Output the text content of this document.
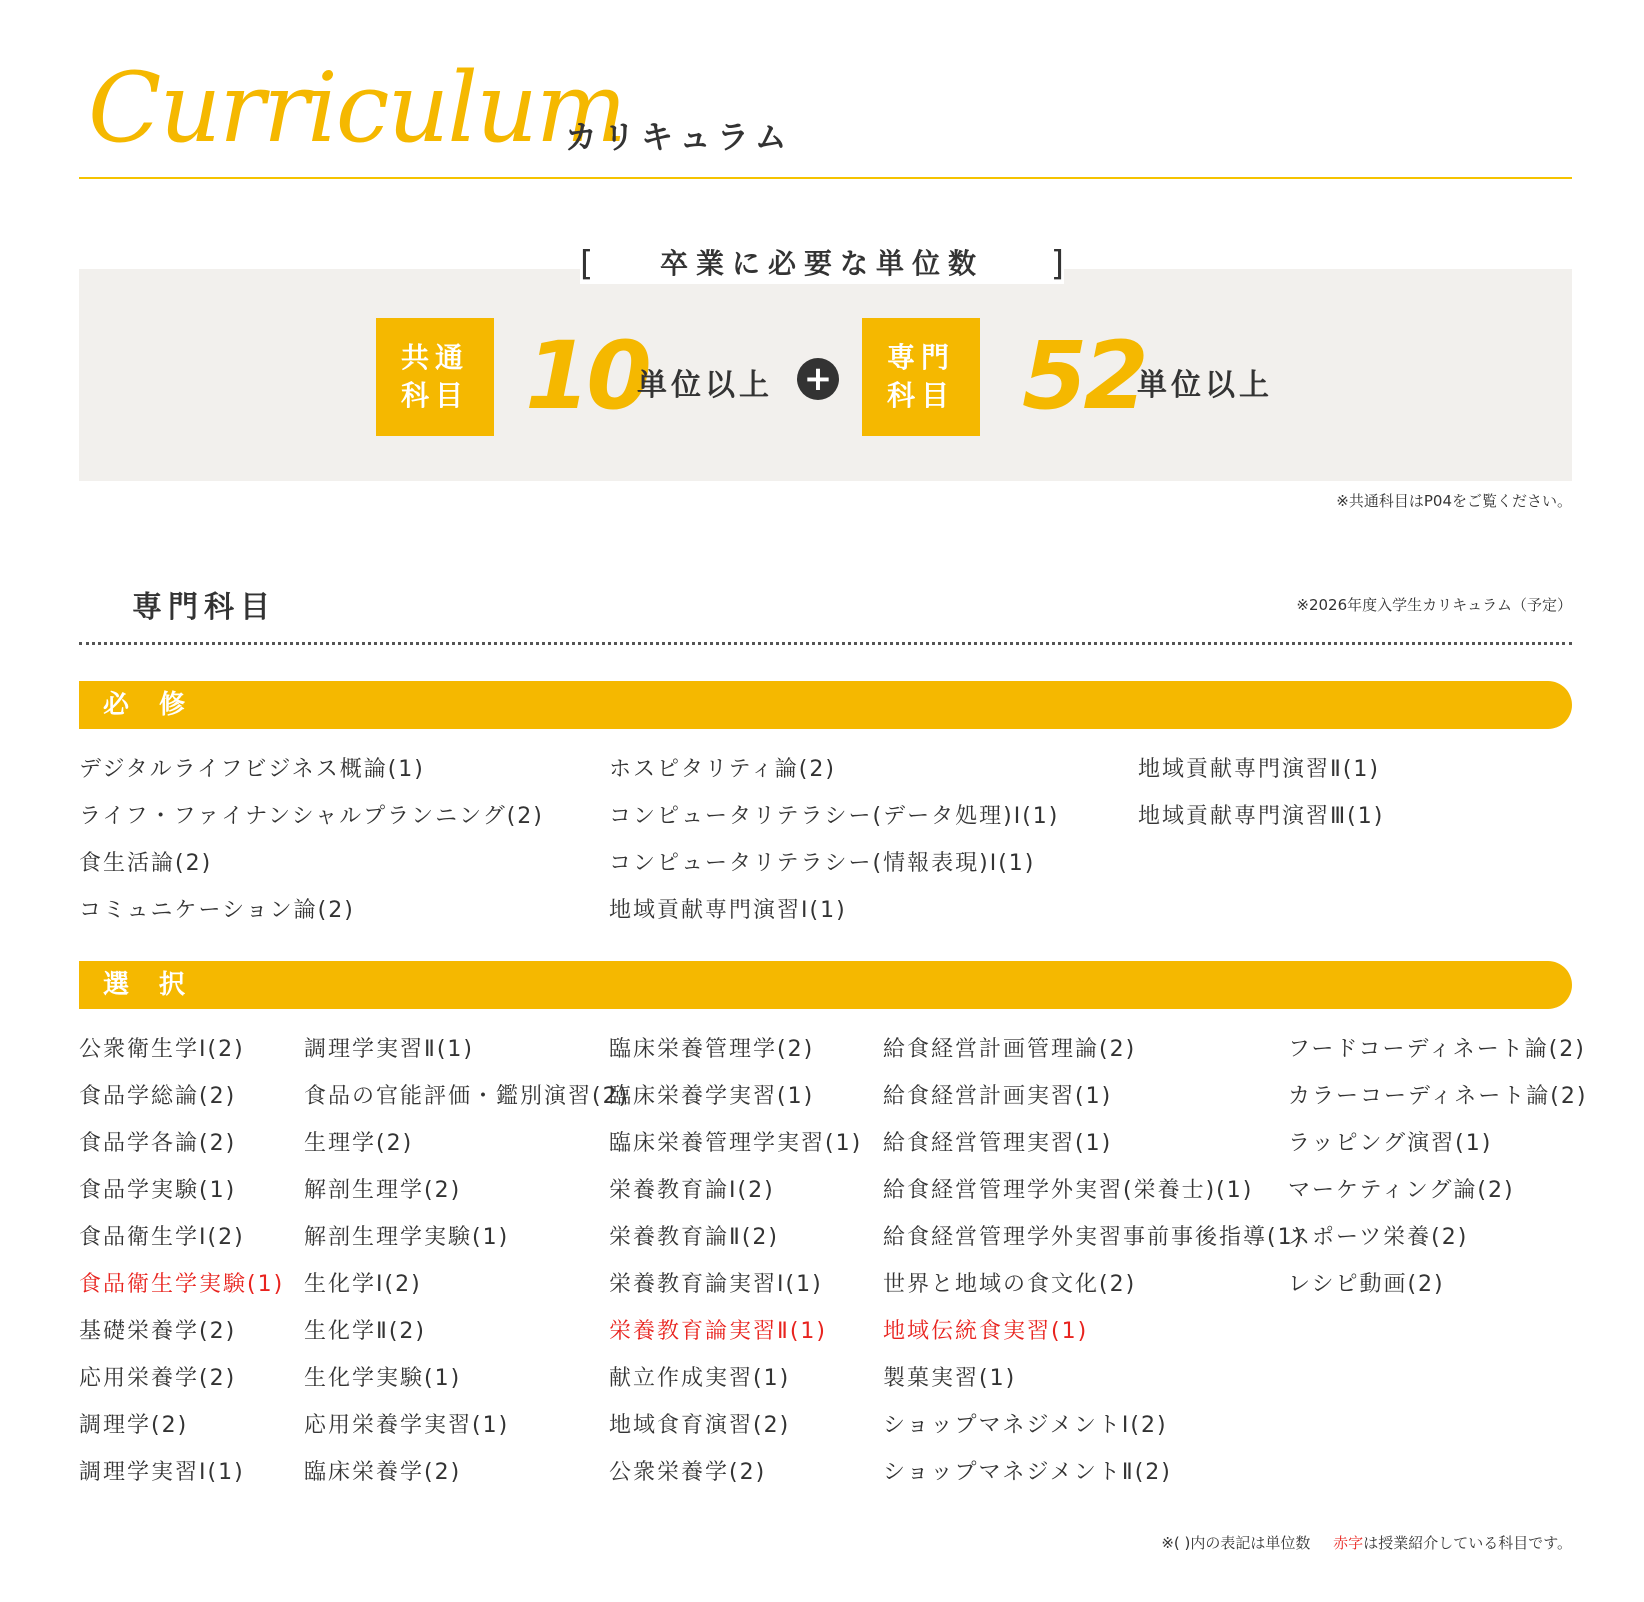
Curriculum
カリキュラム
[	卒業に必要な単位数	]
共通
科目 10
単位以上 +
専門
科目 52
単位以上
※共通科目はP04をご覧ください。
専門科目	※2026年度入学生カリキュラム（予定）
必修
デジタルライフビジネス概論(1)
ライフ・ファイナンシャルプランニング(2)
食生活論(2)
コミュニケーション論(2)
ホスピタリティ論(2)
コンピュータリテラシー(データ処理)Ⅰ(1)
コンピュータリテラシー(情報表現)Ⅰ(1)
地域貢献専門演習Ⅰ(1)
地域貢献専門演習Ⅱ(1)
地域貢献専門演習Ⅲ(1)
選択
公衆衛生学Ⅰ(2)
食品学総論(2)
食品学各論(2)
食品学実験(1)
食品衛生学Ⅰ(2)
食品衛生学実験(1)
基礎栄養学(2)
応用栄養学(2)
調理学(2)
調理学実習Ⅰ(1)
調理学実習Ⅱ(1)
食品の官能評価・鑑別演習(2)
生理学(2)
解剖生理学(2)
解剖生理学実験(1)
生化学Ⅰ(2)
生化学Ⅱ(2)
生化学実験(1)
応用栄養学実習(1)
臨床栄養学(2)
臨床栄養管理学(2)
臨床栄養学実習(1)
臨床栄養管理学実習(1)
栄養教育論Ⅰ(2)
栄養教育論Ⅱ(2)
栄養教育論実習Ⅰ(1)
栄養教育論実習Ⅱ(1)
献立作成実習(1)
地域食育演習(2)
公衆栄養学(2)
給食経営計画管理論(2)
給食経営計画実習(1)
給食経営管理実習(1)
給食経営管理学外実習(栄養士)(1)
給食経営管理学外実習事前事後指導(1)
世界と地域の食文化(2)
地域伝統食実習(1)
製菓実習(1)
ショップマネジメントⅠ(2)
ショップマネジメントⅡ(2)
フードコーディネート論(2)
カラーコーディネート論(2)
ラッピング演習(1)
マーケティング論(2)
スポーツ栄養(2)
レシピ動画(2)
※( )内の表記は単位数 赤字は授業紹介している科目です。
